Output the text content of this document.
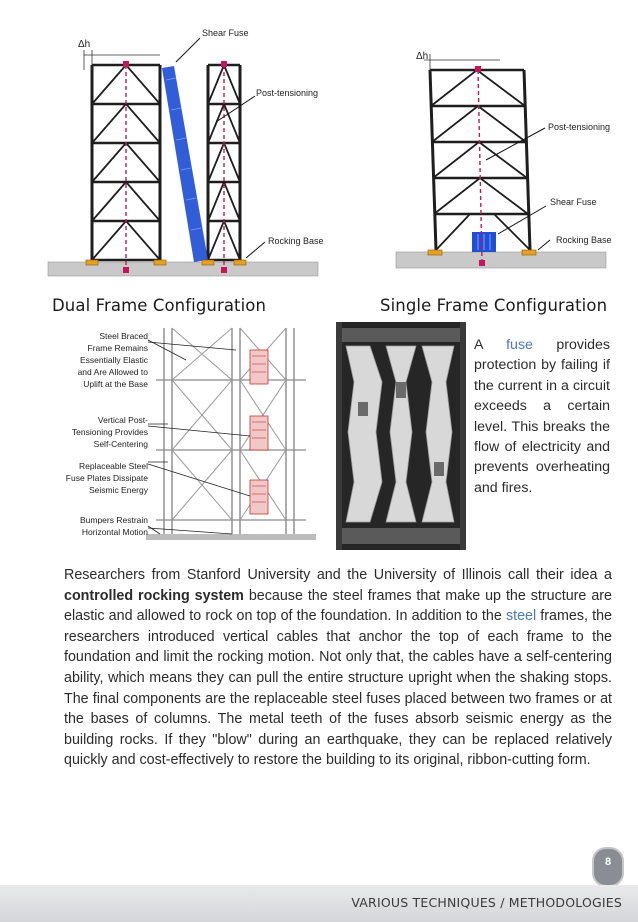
Δh
Shear Fuse
Post-tensioning
Rocking Base
Δh
Post-tensioning
Shear Fuse
Rocking Base
Dual Frame Configuration	Single Frame Configuration
Steel Braced
Frame Remains
Essentially Elastic
and Are Allowed to
Uplift at the Base
Vertical Post-
Tensioning Provides
Self-Centering
Replaceable Steel
Fuse Plates Dissipate
Seismic Energy
Bumpers Restrain
Horizontal Motion
A fuse provides protection by failing if the current in a circuit exceeds a certain level. This breaks the flow of electricity and prevents overheating and fires.
Researchers from Stanford University and the University of Illinois call their idea a controlled rocking system because the steel frames that make up the structure are elastic and allowed to rock on top of the foundation. In addition to the steel frames, the researchers introduced vertical cables that anchor the top of each frame to the foundation and limit the rocking motion. Not only that, the cables have a self-centering ability, which means they can pull the entire structure upright when the shaking stops. The final components are the replaceable steel fuses placed between two frames or at the bases of columns. The metal teeth of the fuses absorb seismic energy as the building rocks. If they "blow" during an earthquake, they can be replaced relatively quickly and cost-effectively to restore the building to its original, ribbon-cutting form.
8
VARIOUS TECHNIQUES / METHODOLOGIES
